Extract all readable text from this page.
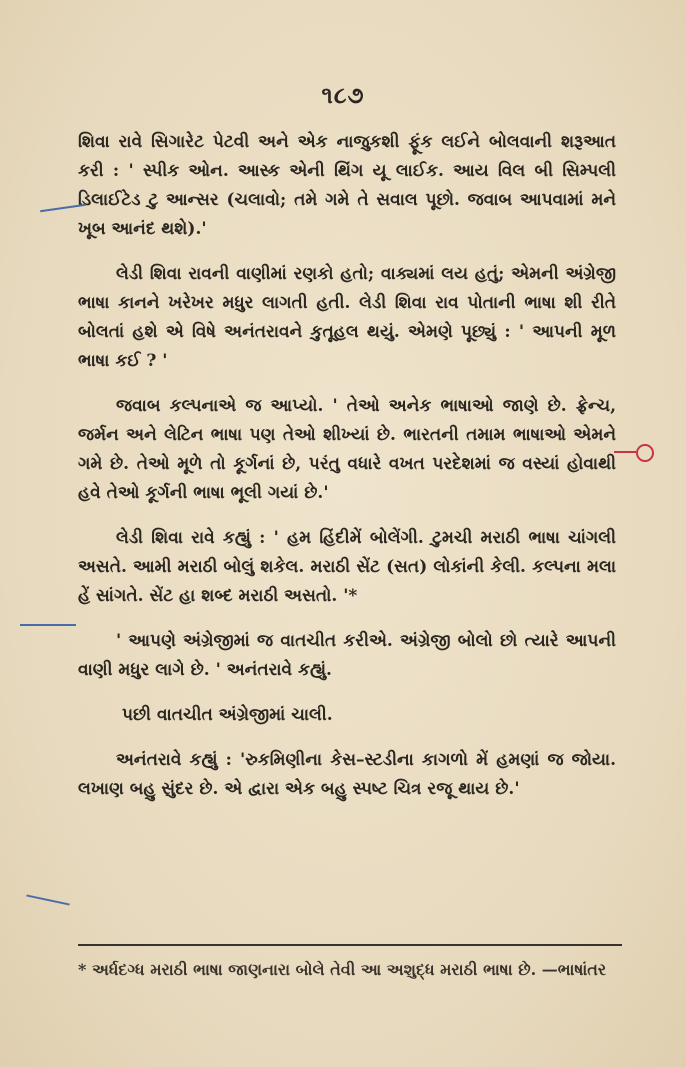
૧૮૭

શિવા રાવે સિગારેટ પેટવી અને એક નાજુકશી ફૂંક લઈને બોલવાની શરૂઆત કરી : ' સ્પીક ઓન. આસ્ક એની થિંગ યૂ લાઈક. આય વિલ બી સિમ્પલી ડિલાઈટેડ ટુ આન્સર (ચલાવો; તમે ગમે તે સવાલ પૂછો. જવાબ આપવામાં મને ખૂબ આનંદ થશે).'

લેડી શિવા રાવની વાણીમાં રણકો હતો; વાક્યમાં લય હતું; એમની અંગ્રેજી ભાષા કાનને ખરેખર મધુર લાગતી હતી. લેડી શિવા રાવ પોતાની ભાષા શી રીતે બોલતાં હશે એ વિષે અનંતરાવને કુતૂહલ થયું. એમણે પૂછ્યું : ' આપની મૂળ ભાષા કઈ ? '

જવાબ કલ્પનાએ જ આપ્યો. ' તેઓ અનેક ભાષાઓ જાણે છે. ફ્રેન્ચ, જર્મન અને લેટિન ભાષા પણ તેઓ શીખ્યાં છે. ભારતની તમામ ભાષાઓ એમને ગમે છે. તેઓ મૂળે તો કૂર્ગનાં છે, પરંતુ વધારે વખત પરદેશમાં જ વસ્યાં હોવાથી હવે તેઓ કૂર્ગની ભાષા ભૂલી ગયાં છે.'

લેડી શિવા રાવે કહ્યું : ' હમ હિંદીમેં બોલેંગી. ટુમચી મરાઠી ભાષા ચાંગલી અસતે. આમી મરાઠી બોલું શકેલ. મરાઠી સેંટ (સત) લોકાંની કેલી. કલ્પના મલા હેં સાંગતે. સેંટ હા શબ્દ મરાઠી અસતો. '*

' આપણે અંગ્રેજીમાં જ વાતચીત કરીએ. અંગ્રેજી બોલો છો ત્યારે આપની વાણી મધુર લાગે છે. ' અનંતરાવે કહ્યું.

પછી વાતચીત અંગ્રેજીમાં ચાલી.

અનંતરાવે કહ્યું : 'રુકમિણીના કેસ–સ્ટડીના કાગળો મેં હમણાં જ જોયા. લખાણ બહુ સુંદર છે. એ દ્વારા એક બહુ સ્પષ્ટ ચિત્ર રજૂ થાય છે.'

* અર્ધદગ્ધ મરાઠી ભાષા જાણનારા બોલે તેવી આ અશુદ્ધ મરાઠી ભાષા છે. —ભાષાંતર
